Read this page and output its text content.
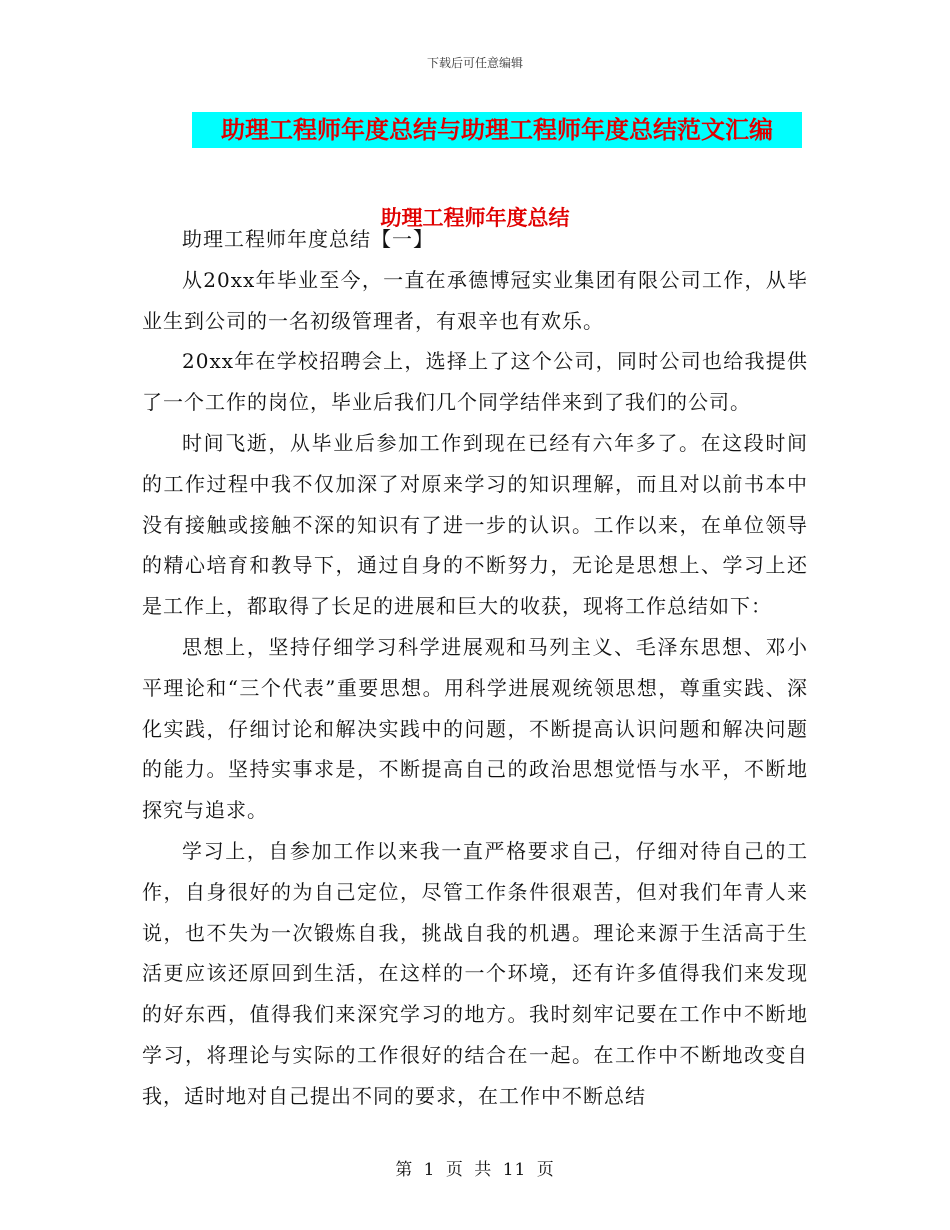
下载后可任意编辑
助理工程师年度总结与助理工程师年度总结范文汇编
助理工程师年度总结

助理工程师年度总结【一】

从20xx年毕业至今，一直在承德博冠实业集团有限公司工作，从毕业生到公司的一名初级管理者，有艰辛也有欢乐。

20xx年在学校招聘会上，选择上了这个公司，同时公司也给我提供了一个工作的岗位，毕业后我们几个同学结伴来到了我们的公司。

时间飞逝，从毕业后参加工作到现在已经有六年多了。在这段时间的工作过程中我不仅加深了对原来学习的知识理解，而且对以前书本中没有接触或接触不深的知识有了进一步的认识。工作以来，在单位领导的精心培育和教导下，通过自身的不断努力，无论是思想上、学习上还是工作上，都取得了长足的进展和巨大的收获，现将工作总结如下：

思想上，坚持仔细学习科学进展观和马列主义、毛泽东思想、邓小平理论和“三个代表”重要思想。用科学进展观统领思想，尊重实践、深化实践，仔细讨论和解决实践中的问题，不断提高认识问题和解决问题的能力。坚持实事求是，不断提高自己的政治思想觉悟与水平，不断地探究与追求。

学习上，自参加工作以来我一直严格要求自己，仔细对待自己的工作，自身很好的为自己定位，尽管工作条件很艰苦，但对我们年青人来说，也不失为一次锻炼自我，挑战自我的机遇。理论来源于生活高于生活更应该还原回到生活，在这样的一个环境，还有许多值得我们来发现的好东西，值得我们来深究学习的地方。我时刻牢记要在工作中不断地学习，将理论与实际的工作很好的结合在一起。在工作中不断地改变自我，适时地对自己提出不同的要求，在工作中不断总结

第 1 页 共 11 页
